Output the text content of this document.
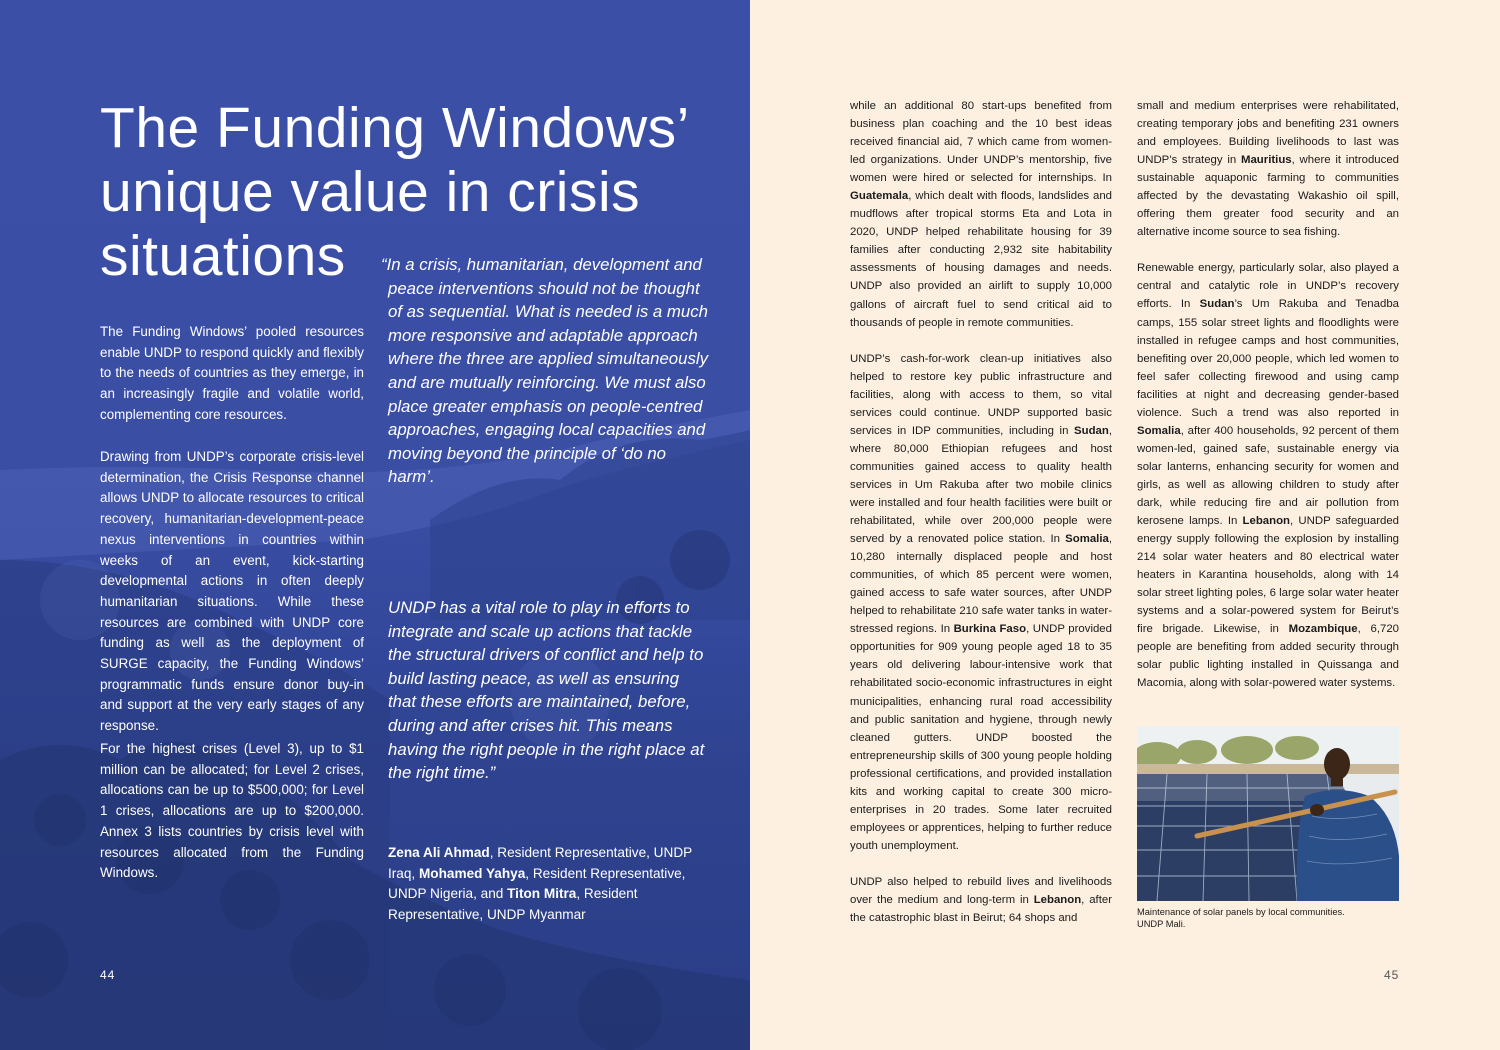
The Funding Windows’ unique value in crisis situations

The Funding Windows’ pooled resources enable UNDP to respond quickly and flexibly to the needs of countries as they emerge, in an increasingly fragile and volatile world, complementing core resources.

Drawing from UNDP’s corporate crisis-level determination, the Crisis Response channel allows UNDP to allocate resources to critical recovery, humanitarian-development-peace nexus interventions in countries within weeks of an event, kick-starting developmental actions in often deeply humanitarian situations. While these resources are combined with UNDP core funding as well as the deployment of SURGE capacity, the Funding Windows’ programmatic funds ensure donor buy-in and support at the very early stages of any response.

For the highest crises (Level 3), up to $1 million can be allocated; for Level 2 crises, allocations can be up to $500,000; for Level 1 crises, allocations are up to $200,000. Annex 3 lists countries by crisis level with resources allocated from the Funding Windows.

“In a crisis, humanitarian, development and peace interventions should not be thought of as sequential. What is needed is a much more responsive and adaptable approach where the three are applied simultaneously and are mutually reinforcing. We must also place greater emphasis on people-centred approaches, engaging local capacities and moving beyond the principle of ‘do no harm’.

UNDP has a vital role to play in efforts to integrate and scale up actions that tackle the structural drivers of conflict and help to build lasting peace, as well as ensuring that these efforts are maintained, before, during and after crises hit. This means having the right people in the right place at the right time.”

Zena Ali Ahmad, Resident Representative, UNDP Iraq, Mohamed Yahya, Resident Representative, UNDP Nigeria, and Titon Mitra, Resident Representative, UNDP Myanmar

44

while an additional 80 start-ups benefited from business plan coaching and the 10 best ideas received financial aid, 7 which came from women-led organizations. Under UNDP’s mentorship, five women were hired or selected for internships. In Guatemala, which dealt with floods, landslides and mudflows after tropical storms Eta and Lota in 2020, UNDP helped rehabilitate housing for 39 families after conducting 2,932 site habitability assessments of housing damages and needs. UNDP also provided an airlift to supply 10,000 gallons of aircraft fuel to send critical aid to thousands of people in remote communities.

UNDP’s cash-for-work clean-up initiatives also helped to restore key public infrastructure and facilities, along with access to them, so vital services could continue. UNDP supported basic services in IDP communities, including in Sudan, where 80,000 Ethiopian refugees and host communities gained access to quality health services in Um Rakuba after two mobile clinics were installed and four health facilities were built or rehabilitated, while over 200,000 people were served by a renovated police station. In Somalia, 10,280 internally displaced people and host communities, of which 85 percent were women, gained access to safe water sources, after UNDP helped to rehabilitate 210 safe water tanks in water-stressed regions. In Burkina Faso, UNDP provided opportunities for 909 young people aged 18 to 35 years old delivering labour-intensive work that rehabilitated socio-economic infrastructures in eight municipalities, enhancing rural road accessibility and public sanitation and hygiene, through newly cleaned gutters. UNDP boosted the entrepreneurship skills of 300 young people holding professional certifications, and provided installation kits and working capital to create 300 micro-enterprises in 20 trades. Some later recruited employees or apprentices, helping to further reduce youth unemployment.

UNDP also helped to rebuild lives and livelihoods over the medium and long-term in Lebanon, after the catastrophic blast in Beirut; 64 shops and

small and medium enterprises were rehabilitated, creating temporary jobs and benefiting 231 owners and employees. Building livelihoods to last was UNDP’s strategy in Mauritius, where it introduced sustainable aquaponic farming to communities affected by the devastating Wakashio oil spill, offering them greater food security and an alternative income source to sea fishing.

Renewable energy, particularly solar, also played a central and catalytic role in UNDP’s recovery efforts. In Sudan’s Um Rakuba and Tenadba camps, 155 solar street lights and floodlights were installed in refugee camps and host communities, benefiting over 20,000 people, which led women to feel safer collecting firewood and using camp facilities at night and decreasing gender-based violence. Such a trend was also reported in Somalia, after 400 households, 92 percent of them women-led, gained safe, sustainable energy via solar lanterns, enhancing security for women and girls, as well as allowing children to study after dark, while reducing fire and air pollution from kerosene lamps. In Lebanon, UNDP safeguarded energy supply following the explosion by installing 214 solar water heaters and 80 electrical water heaters in Karantina households, along with 14 solar street lighting poles, 6 large solar water heater systems and a solar-powered system for Beirut’s fire brigade. Likewise, in Mozambique, 6,720 people are benefiting from added security through solar public lighting installed in Quissanga and Macomia, along with solar-powered water systems.

Maintenance of solar panels by local communities.
UNDP Mali.
45
